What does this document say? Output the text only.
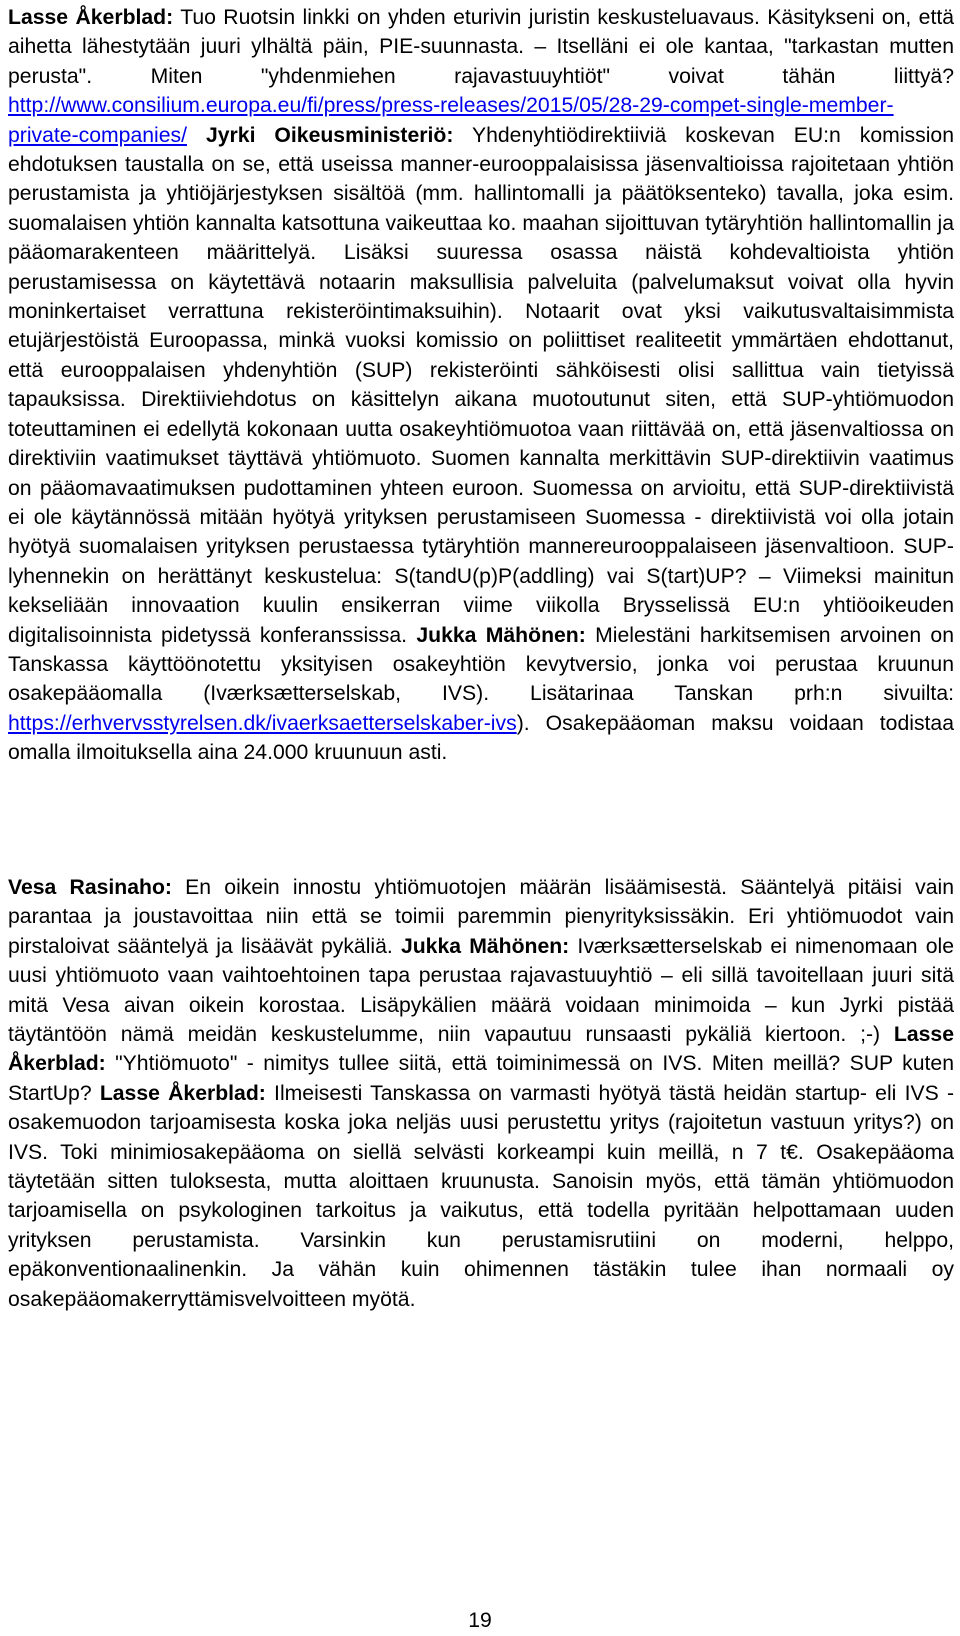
Lasse Åkerblad: Tuo Ruotsin linkki on yhden eturivin juristin keskusteluavaus. Käsitykseni on, että aihetta lähestytään juuri ylhältä päin, PIE-suunnasta. – Itselläni ei ole kantaa, "tarkastan mutten perusta". Miten "yhdenmiehen rajavastuuyhtiöt" voivat tähän liittyä? http://www.consilium.europa.eu/fi/press/press-releases/2015/05/28-29-compet-single-member-private-companies/ Jyrki Oikeusministeriö: Yhdenyhtiödirektiiviä koskevan EU:n komission ehdotuksen taustalla on se, että useissa manner-eurooppalaisissa jäsenvaltioissa rajoitetaan yhtiön perustamista ja yhtiöjärjestyksen sisältöä (mm. hallintomalli ja päätöksenteko) tavalla, joka esim. suomalaisen yhtiön kannalta katsottuna vaikeuttaa ko. maahan sijoittuvan tytäryhtiön hallintomallin ja pääomarakenteen määrittelyä. Lisäksi suuressa osassa näistä kohdevaltioista yhtiön perustamisessa on käytettävä notaarin maksullisia palveluita (palvelumaksut voivat olla hyvin moninkertaiset verrattuna rekisteröintimaksuihin). Notaarit ovat yksi vaikutusvaltaisimmista etujärjestöistä Euroopassa, minkä vuoksi komissio on poliittiset realiteetit ymmärtäen ehdottanut, että eurooppalaisen yhdenyhtiön (SUP) rekisteröinti sähköisesti olisi sallittua vain tietyissä tapauksissa. Direktiiviehdotus on käsittelyn aikana muotoutunut siten, että SUP-yhtiömuodon toteuttaminen ei edellytä kokonaan uutta osakeyhtiömuotoa vaan riittävää on, että jäsenvaltiossa on direktiviin vaatimukset täyttävä yhtiömuoto. Suomen kannalta merkittävin SUP-direktiivin vaatimus on pääomavaatimuksen pudottaminen yhteen euroon. Suomessa on arvioitu, että SUP-direktiivistä ei ole käytännössä mitään hyötyä yrityksen perustamiseen Suomessa - direktiivistä voi olla jotain hyötyä suomalaisen yrityksen perustaessa tytäryhtiön mannereurooppalaiseen jäsenvaltioon. SUP-lyhennekin on herättänyt keskustelua: S(tandU(p)P(addling) vai S(tart)UP? – Viimeksi mainitun kekseliään innovaation kuulin ensikerran viime viikolla Brysselissä EU:n yhtiöoikeuden digitalisoinnista pidetyssä konferanssissa. Jukka Mähönen: Mielestäni harkitsemisen arvoinen on Tanskassa käyttöönotettu yksityisen osakeyhtiön kevytversio, jonka voi perustaa kruunun osakepääomalla (Iværksætterselskab, IVS). Lisätarinaa Tanskan prh:n sivuilta: https://erhvervsstyrelsen.dk/ivaerksaetterselskaber-ivs). Osakepääoman maksu voidaan todistaa omalla ilmoituksella aina 24.000 kruunuun asti.
Vesa Rasinaho: En oikein innostu yhtiömuotojen määrän lisäämisestä. Sääntelyä pitäisi vain parantaa ja joustavoittaa niin että se toimii paremmin pienyrityksissäkin. Eri yhtiömuodot vain pirstaloivat sääntelyä ja lisäävät pykäliä. Jukka Mähönen: Iværksætterselskab ei nimenomaan ole uusi yhtiömuoto vaan vaihtoehtoinen tapa perustaa rajavastuuyhtiö – eli sillä tavoitellaan juuri sitä mitä Vesa aivan oikein korostaa. Lisäpykälien määrä voidaan minimoida – kun Jyrki pistää täytäntöön nämä meidän keskustelumme, niin vapautuu runsaasti pykäliä kiertoon. ;-) Lasse Åkerblad: "Yhtiömuoto" - nimitys tullee siitä, että toiminimessä on IVS. Miten meillä? SUP kuten StartUp? Lasse Åkerblad: Ilmeisesti Tanskassa on varmasti hyötyä tästä heidän startup- eli IVS -osakemuodon tarjoamisesta koska joka neljäs uusi perustettu yritys (rajoitetun vastuun yritys?) on IVS. Toki minimiosakepääoma on siellä selvästi korkeampi kuin meillä, n 7 t€. Osakepääoma täytetään sitten tuloksesta, mutta aloittaen kruunusta. Sanoisin myös, että tämän yhtiömuodon tarjoamisella on psykologinen tarkoitus ja vaikutus, että todella pyritään helpottamaan uuden yrityksen perustamista. Varsinkin kun perustamisrutiini on moderni, helppo, epäkonventionaalinenkin. Ja vähän kuin ohimennen tästäkin tulee ihan normaali oy osakepääomakerryttämisvelvoitteen myötä.
19
